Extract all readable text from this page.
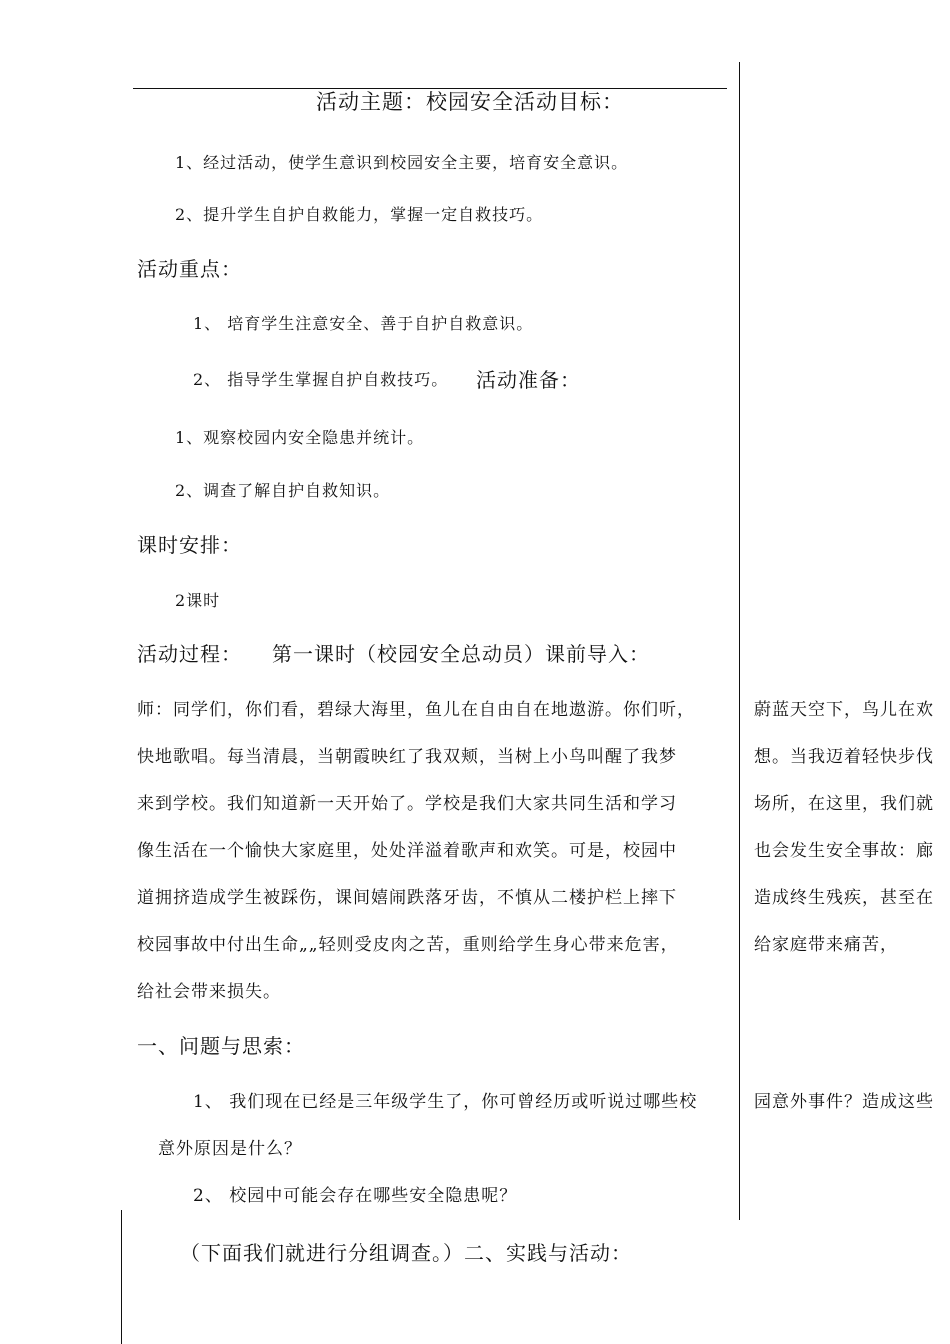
活动主题：校园安全活动目标：
1、经过活动，使学生意识到校园安全主要，培育安全意识。
2、提升学生自护自救能力，掌握一定自救技巧。
活动重点：
1、 培育学生注意安全、善于自护自救意识。
2、 指导学生掌握自护自救技巧。 活动准备：
1、观察校园内安全隐患并统计。
2、调查了解自护自救知识。
课时安排：
2课时
活动过程： 第一课时（校园安全总动员）课前导入：
师：同学们，你们看，碧绿大海里，鱼儿在自由自在地遨游。你们听，
快地歌唱。每当清晨，当朝霞映红了我双颊，当树上小鸟叫醒了我梦
来到学校。我们知道新一天开始了。学校是我们大家共同生活和学习
像生活在一个愉快大家庭里，处处洋溢着歌声和欢笑。可是，校园中
道拥挤造成学生被踩伤，课间嬉闹跌落牙齿，不慎从二楼护栏上摔下
校园事故中付出生命„„轻则受皮肉之苦，重则给学生身心带来危害，
给社会带来损失。
蔚蓝天空下，鸟儿在欢
想。当我迈着轻快步伐
场所，在这里，我们就
也会发生安全事故：廊
造成终生残疾，甚至在
给家庭带来痛苦，
一、问题与思索：
1、 我们现在已经是三年级学生了，你可曾经历或听说过哪些校	园意外事件？造成这些
意外原因是什么？
2、 校园中可能会存在哪些安全隐患呢？
（下面我们就进行分组调查。）二、实践与活动：
